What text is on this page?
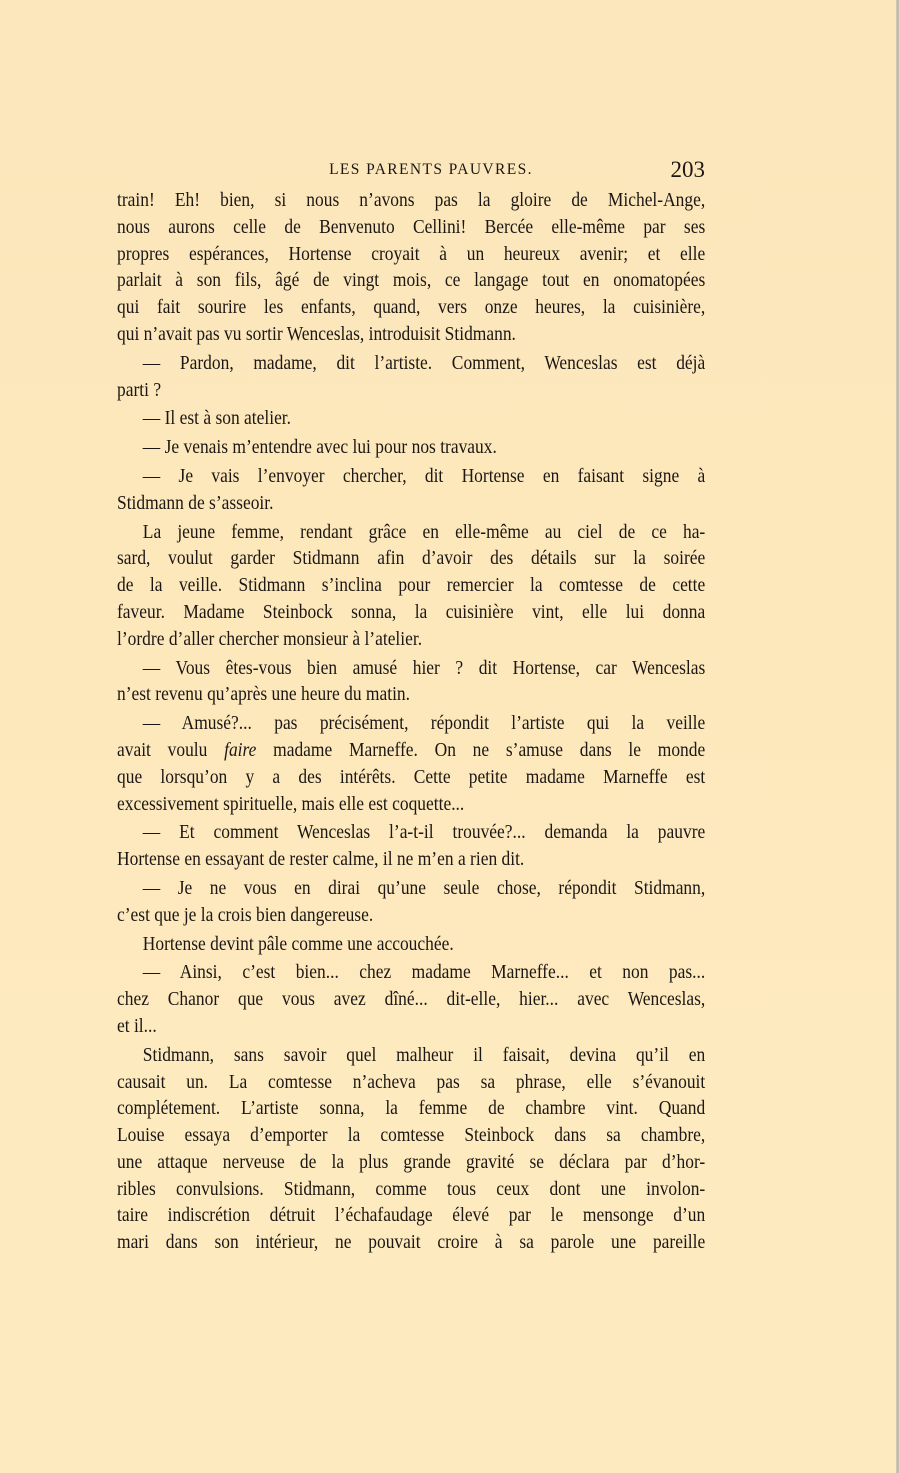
LES PARENTS PAUVRES.	203
train! Eh! bien, si nous n’avons pas la gloire de Michel-Ange,
nous aurons celle de Benvenuto Cellini! Bercée elle-même par ses
propres espérances, Hortense croyait à un heureux avenir; et elle
parlait à son fils, âgé de vingt mois, ce langage tout en onomatopées
qui fait sourire les enfants, quand, vers onze heures, la cuisinière,
qui n’avait pas vu sortir Wenceslas, introduisit Stidmann.
— Pardon, madame, dit l’artiste. Comment, Wenceslas est déjà
parti ?
— Il est à son atelier.
— Je venais m’entendre avec lui pour nos travaux.
— Je vais l’envoyer chercher, dit Hortense en faisant signe à
Stidmann de s’asseoir.
La jeune femme, rendant grâce en elle-même au ciel de ce ha-
sard, voulut garder Stidmann afin d’avoir des détails sur la soirée
de la veille. Stidmann s’inclina pour remercier la comtesse de cette
faveur. Madame Steinbock sonna, la cuisinière vint, elle lui donna
l’ordre d’aller chercher monsieur à l’atelier.
— Vous êtes-vous bien amusé hier ? dit Hortense, car Wenceslas
n’est revenu qu’après une heure du matin.
— Amusé?... pas précisément, répondit l’artiste qui la veille
avait voulu faire madame Marneffe. On ne s’amuse dans le monde
que lorsqu’on y a des intérêts. Cette petite madame Marneffe est
excessivement spirituelle, mais elle est coquette...
— Et comment Wenceslas l’a-t-il trouvée?... demanda la pauvre
Hortense en essayant de rester calme, il ne m’en a rien dit.
— Je ne vous en dirai qu’une seule chose, répondit Stidmann,
c’est que je la crois bien dangereuse.
Hortense devint pâle comme une accouchée.
— Ainsi, c’est bien... chez madame Marneffe... et non pas...
chez Chanor que vous avez dîné... dit-elle, hier... avec Wenceslas,
et il...
Stidmann, sans savoir quel malheur il faisait, devina qu’il en
causait un. La comtesse n’acheva pas sa phrase, elle s’évanouit
complétement. L’artiste sonna, la femme de chambre vint. Quand
Louise essaya d’emporter la comtesse Steinbock dans sa chambre,
une attaque nerveuse de la plus grande gravité se déclara par d’hor-
ribles convulsions. Stidmann, comme tous ceux dont une involon-
taire indiscrétion détruit l’échafaudage élevé par le mensonge d’un
mari dans son intérieur, ne pouvait croire à sa parole une pareille
